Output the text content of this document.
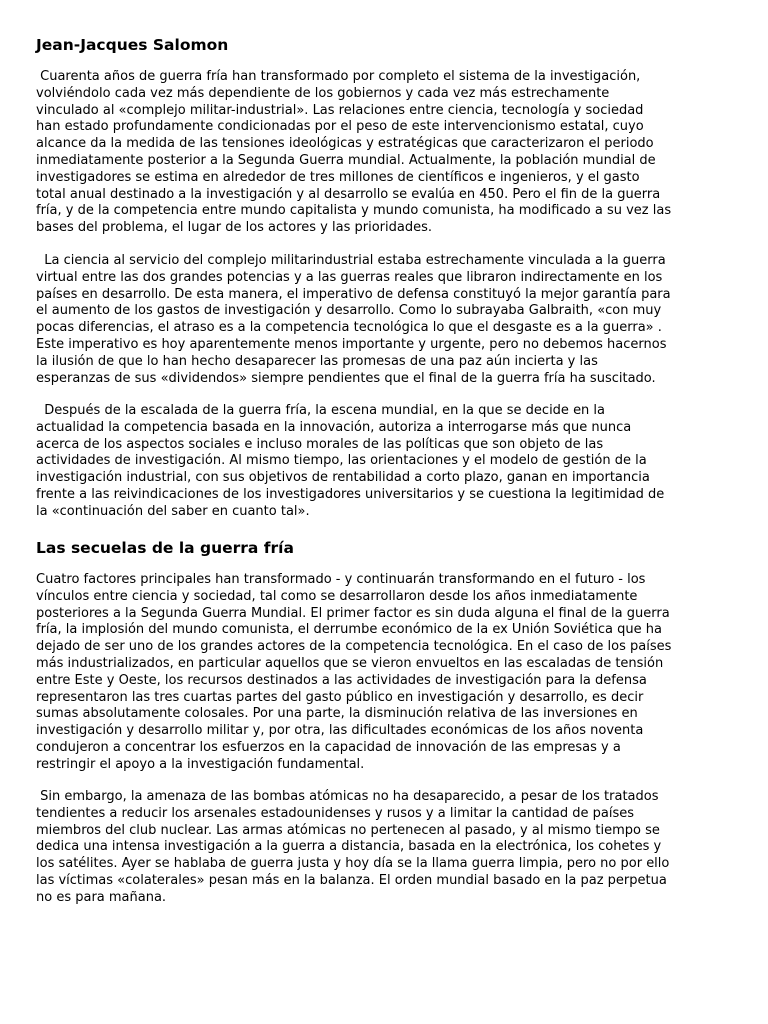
Jean-Jacques Salomon

Cuarenta años de guerra fría han transformado por completo el sistema de la investigación,
volviéndolo cada vez más dependiente de los gobiernos y cada vez más estrechamente
vinculado al «complejo militar-industrial». Las relaciones entre ciencia, tecnología y sociedad
han estado profundamente condicionadas por el peso de este intervencionismo estatal, cuyo
alcance da la medida de las tensiones ideológicas y estratégicas que caracterizaron el periodo
inmediatamente posterior a la Segunda Guerra mundial. Actualmente, la población mundial de
investigadores se estima en alrededor de tres millones de científicos e ingenieros, y el gasto
total anual destinado a la investigación y al desarrollo se evalúa en 450. Pero el fin de la guerra
fría, y de la competencia entre mundo capitalista y mundo comunista, ha modificado a su vez las
bases del problema, el lugar de los actores y las prioridades.

La ciencia al servicio del complejo militarindustrial estaba estrechamente vinculada a la guerra
virtual entre las dos grandes potencias y a las guerras reales que libraron indirectamente en los
países en desarrollo. De esta manera, el imperativo de defensa constituyó la mejor garantía para
el aumento de los gastos de investigación y desarrollo. Como lo subrayaba Galbraith, «con muy
pocas diferencias, el atraso es a la competencia tecnológica lo que el desgaste es a la guerra» .
Este imperativo es hoy aparentemente menos importante y urgente, pero no debemos hacernos
la ilusión de que lo han hecho desaparecer las promesas de una paz aún incierta y las
esperanzas de sus «dividendos» siempre pendientes que el final de la guerra fría ha suscitado.

Después de la escalada de la guerra fría, la escena mundial, en la que se decide en la
actualidad la competencia basada en la innovación, autoriza a interrogarse más que nunca
acerca de los aspectos sociales e incluso morales de las políticas que son objeto de las
actividades de investigación. Al mismo tiempo, las orientaciones y el modelo de gestión de la
investigación industrial, con sus objetivos de rentabilidad a corto plazo, ganan en importancia
frente a las reivindicaciones de los investigadores universitarios y se cuestiona la legitimidad de
la «continuación del saber en cuanto tal».

Las secuelas de la guerra fría

Cuatro factores principales han transformado - y continuarán transformando en el futuro - los
vínculos entre ciencia y sociedad, tal como se desarrollaron desde los años inmediatamente
posteriores a la Segunda Guerra Mundial. El primer factor es sin duda alguna el final de la guerra
fría, la implosión del mundo comunista, el derrumbe económico de la ex Unión Soviética que ha
dejado de ser uno de los grandes actores de la competencia tecnológica. En el caso de los países
más industrializados, en particular aquellos que se vieron envueltos en las escaladas de tensión
entre Este y Oeste, los recursos destinados a las actividades de investigación para la defensa
representaron las tres cuartas partes del gasto público en investigación y desarrollo, es decir
sumas absolutamente colosales. Por una parte, la disminución relativa de las inversiones en
investigación y desarrollo militar y, por otra, las dificultades económicas de los años noventa
condujeron a concentrar los esfuerzos en la capacidad de innovación de las empresas y a
restringir el apoyo a la investigación fundamental.

Sin embargo, la amenaza de las bombas atómicas no ha desaparecido, a pesar de los tratados
tendientes a reducir los arsenales estadounidenses y rusos y a limitar la cantidad de países
miembros del club nuclear. Las armas atómicas no pertenecen al pasado, y al mismo tiempo se
dedica una intensa investigación a la guerra a distancia, basada en la electrónica, los cohetes y
los satélites. Ayer se hablaba de guerra justa y hoy día se la llama guerra limpia, pero no por ello
las víctimas «colaterales» pesan más en la balanza. El orden mundial basado en la paz perpetua
no es para mañana.
